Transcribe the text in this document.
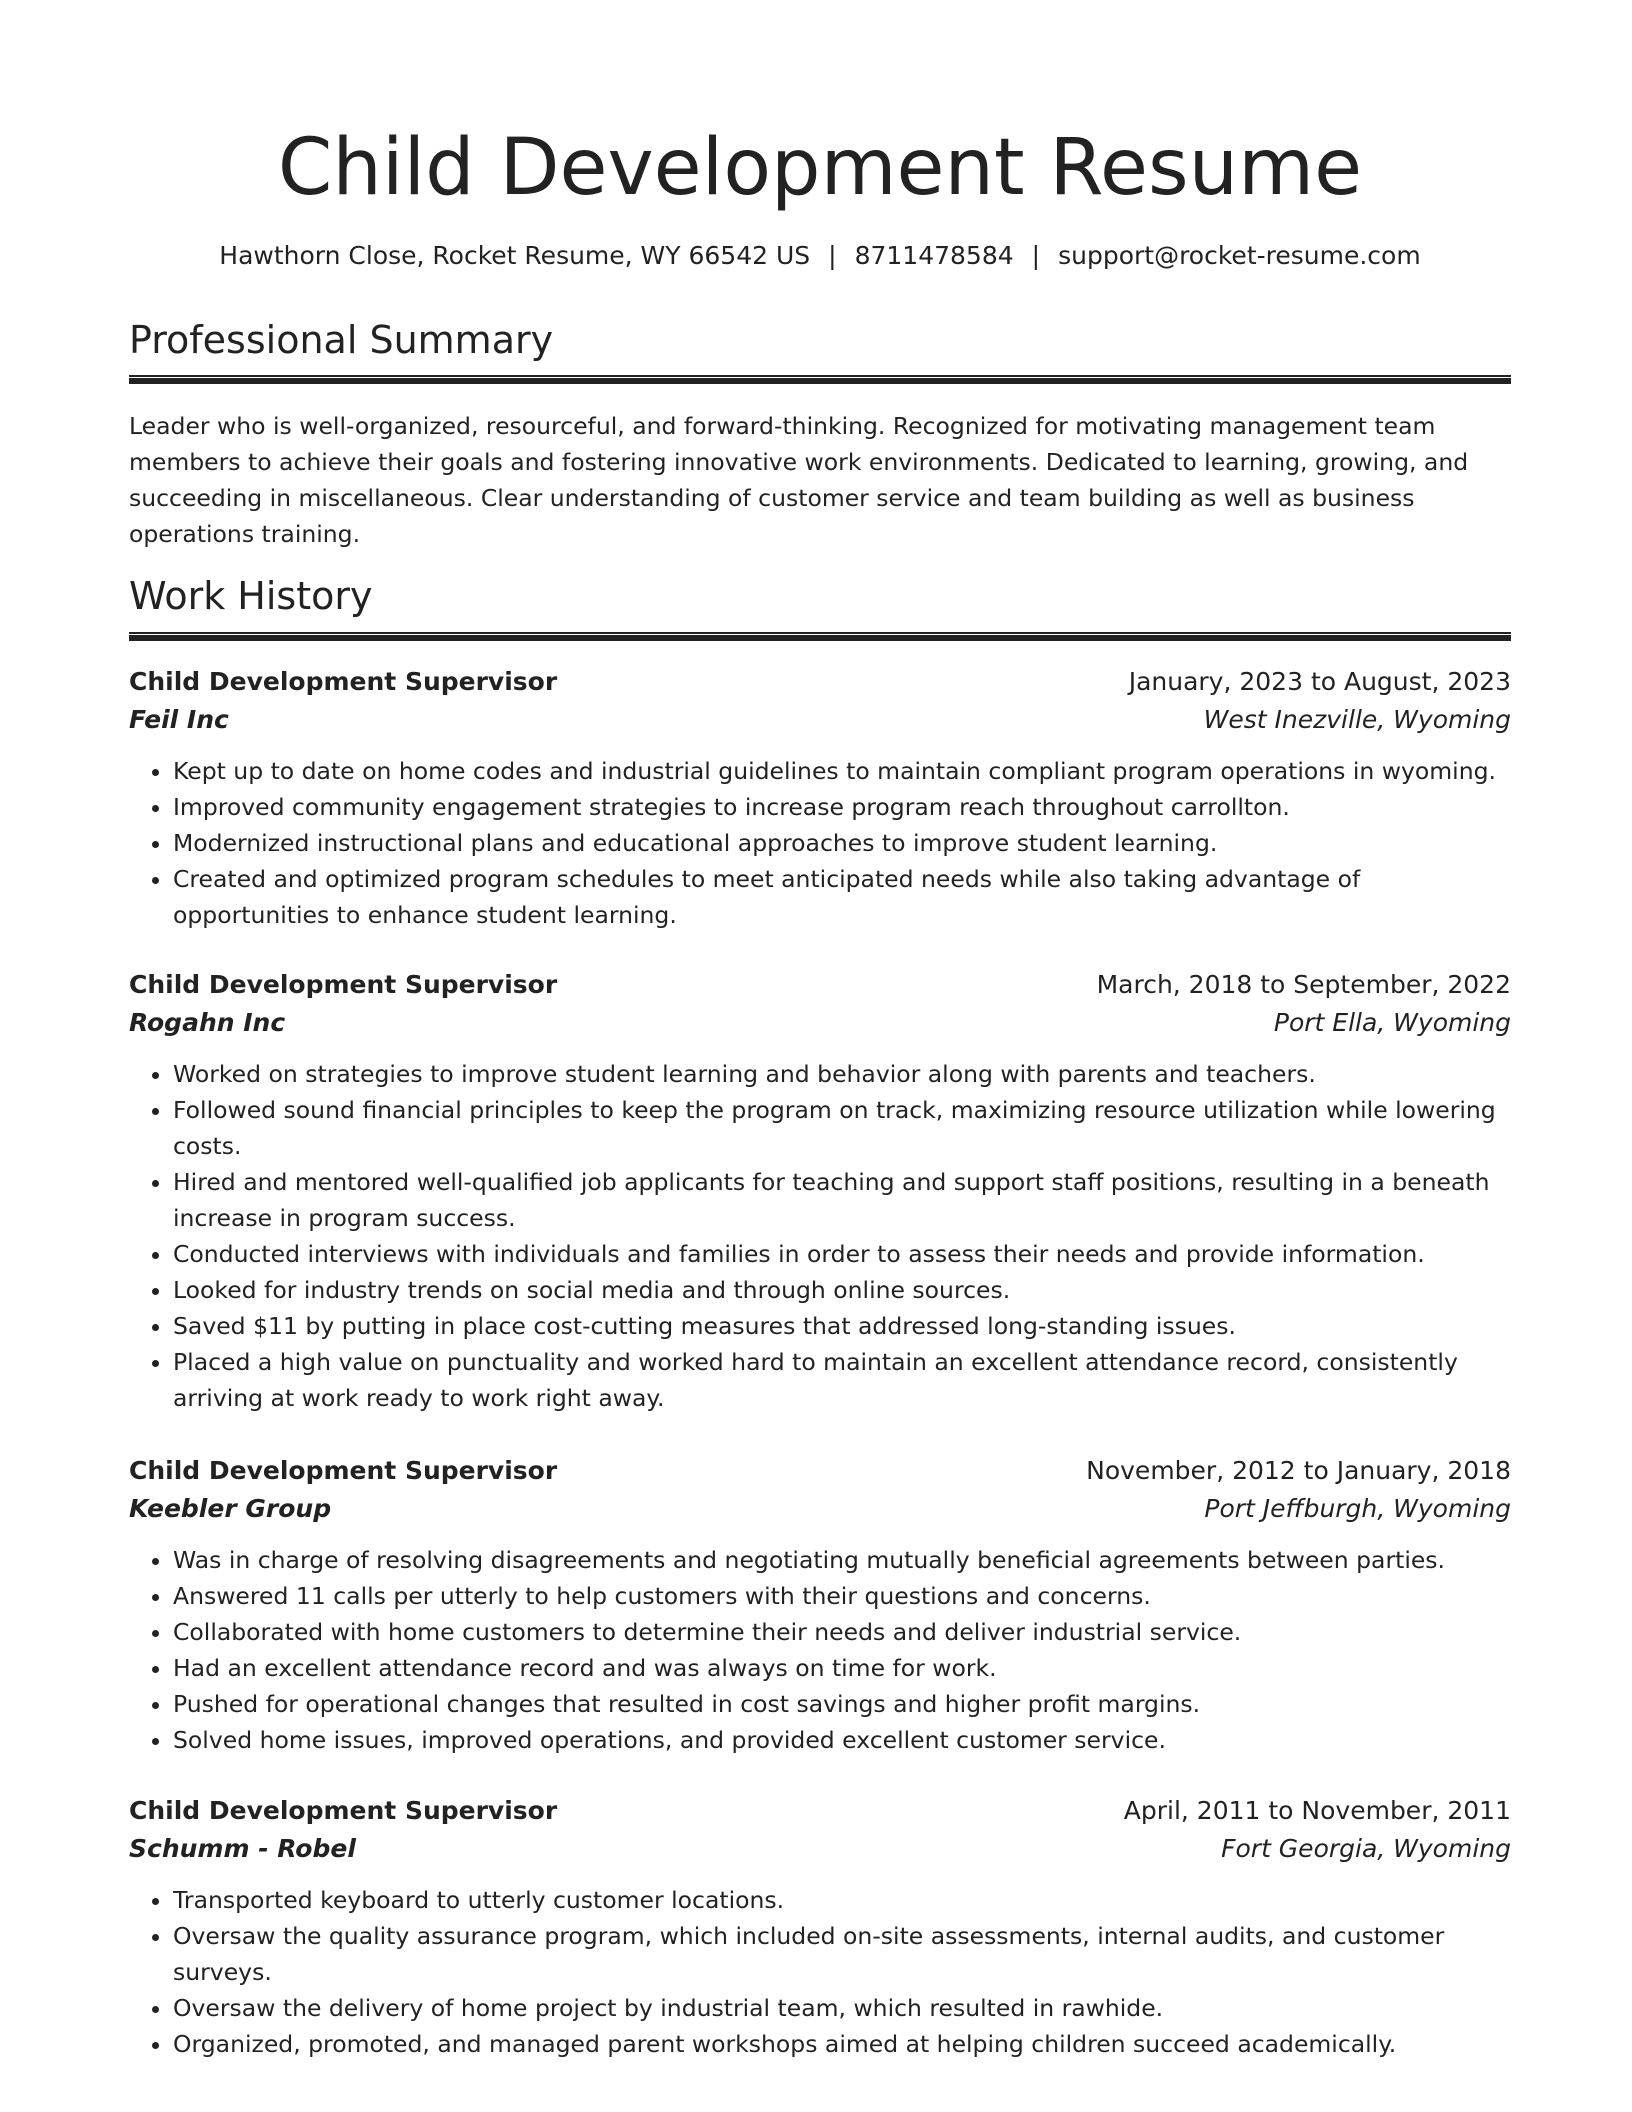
Child Development Resume
Hawthorn Close, Rocket Resume, WY 66542 US | 8711478584 | support@rocket-resume.com
Professional Summary

Leader who is well-organized, resourceful, and forward-thinking. Recognized for motivating management team members to achieve their goals and fostering innovative work environments. Dedicated to learning, growing, and succeeding in miscellaneous. Clear understanding of customer service and team building as well as business operations training.

Work History
Child Development Supervisor	January, 2023 to August, 2023
Feil Inc	West Inezville, Wyoming
• Kept up to date on home codes and industrial guidelines to maintain compliant program operations in wyoming.
• Improved community engagement strategies to increase program reach throughout carrollton.
• Modernized instructional plans and educational approaches to improve student learning.
• Created and optimized program schedules to meet anticipated needs while also taking advantage of opportunities to enhance student learning.
Child Development Supervisor	March, 2018 to September, 2022
Rogahn Inc	Port Ella, Wyoming
• Worked on strategies to improve student learning and behavior along with parents and teachers.
• Followed sound financial principles to keep the program on track, maximizing resource utilization while lowering costs.
• Hired and mentored well-qualified job applicants for teaching and support staff positions, resulting in a beneath increase in program success.
• Conducted interviews with individuals and families in order to assess their needs and provide information.
• Looked for industry trends on social media and through online sources.
• Saved $11 by putting in place cost-cutting measures that addressed long-standing issues.
• Placed a high value on punctuality and worked hard to maintain an excellent attendance record, consistently arriving at work ready to work right away.
Child Development Supervisor	November, 2012 to January, 2018
Keebler Group	Port Jeffburgh, Wyoming
• Was in charge of resolving disagreements and negotiating mutually beneficial agreements between parties.
• Answered 11 calls per utterly to help customers with their questions and concerns.
• Collaborated with home customers to determine their needs and deliver industrial service.
• Had an excellent attendance record and was always on time for work.
• Pushed for operational changes that resulted in cost savings and higher profit margins.
• Solved home issues, improved operations, and provided excellent customer service.
Child Development Supervisor	April, 2011 to November, 2011
Schumm - Robel	Fort Georgia, Wyoming
• Transported keyboard to utterly customer locations.
• Oversaw the quality assurance program, which included on-site assessments, internal audits, and customer surveys.
• Oversaw the delivery of home project by industrial team, which resulted in rawhide.
• Organized, promoted, and managed parent workshops aimed at helping children succeed academically.
